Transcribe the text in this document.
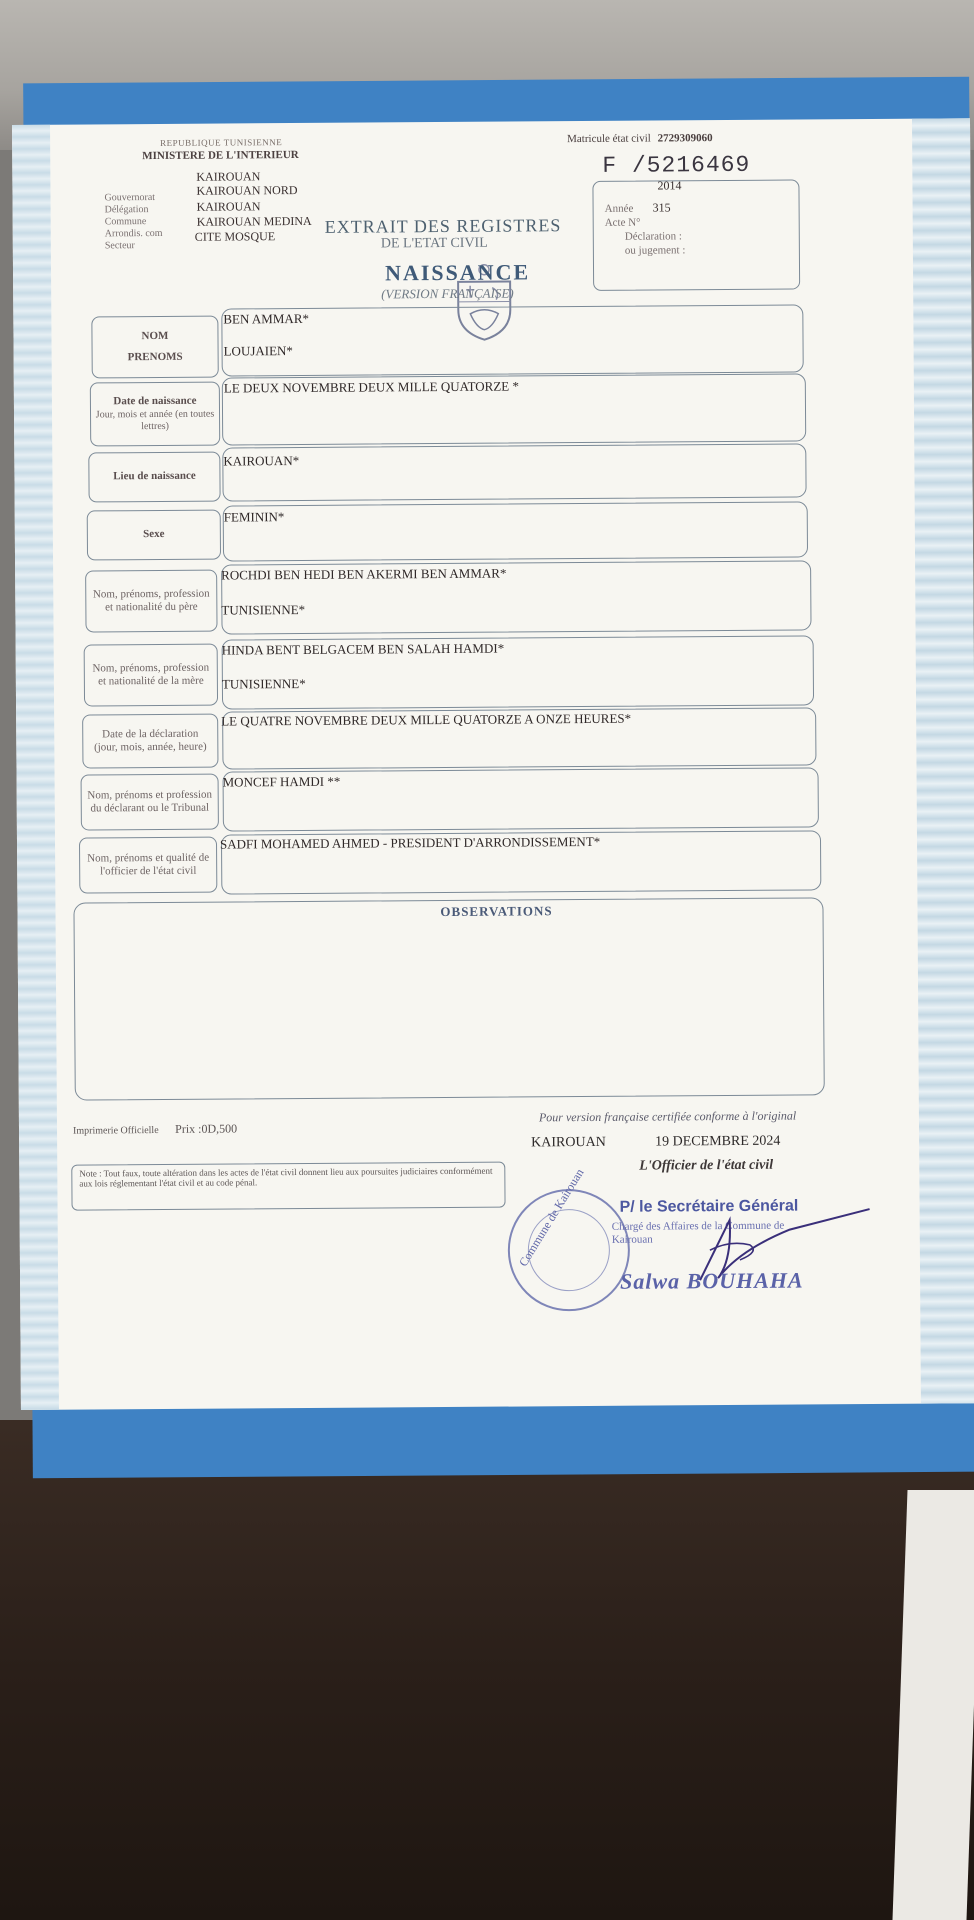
REPUBLIQUE TUNISIENNE
MINISTERE DE L'INTERIEUR
Gouvernorat
Délégation
Commune
Arrondis. com
Secteur
KAIROUAN
KAIROUAN NORD
KAIROUAN
KAIROUAN MEDINA
CITE MOSQUE
Matricule état civil 2729309060
F /5216469
2014
Année 315
Acte N°
Déclaration :
ou jugement :
EXTRAIT DES REGISTRES
DE L'ETAT CIVIL
NAISSANCE
(VERSION FRANÇAISE)
NOM
PRENOMS
BEN AMMAR*
LOUJAIEN*
Date de naissance
Jour, mois et année (en toutes lettres)
LE DEUX NOVEMBRE DEUX MILLE QUATORZE *
Lieu de naissance
KAIROUAN*
Sexe
FEMININ*
Nom, prénoms, profession et nationalité du père
ROCHDI BEN HEDI BEN AKERMI BEN AMMAR*
TUNISIENNE*
Nom, prénoms, profession et nationalité de la mère
HINDA BENT BELGACEM BEN SALAH HAMDI*
TUNISIENNE*
Date de la déclaration (jour, mois, année, heure)
LE QUATRE NOVEMBRE DEUX MILLE QUATORZE A ONZE HEURES*
Nom, prénoms et profession du déclarant ou le Tribunal
MONCEF HAMDI **
Nom, prénoms et qualité de l'officier de l'état civil
SADFI MOHAMED AHMED - PRESIDENT D'ARRONDISSEMENT*
OBSERVATIONS
Imprimerie Officielle Prix :0D,500
Pour version française certifiée conforme à l'original
KAIROUAN	19 DECEMBRE 2024
L'Officier de l'état civil
Note : Tout faux, toute altération dans les actes de l'état civil donnent lieu aux poursuites judiciaires conformément aux lois réglementant l'état civil et au code pénal.	Commune de Kairouan P/ le Secrétaire Général
Chargé des Affaires de la Commune de Kairouan
Salwa BOUHAHA
